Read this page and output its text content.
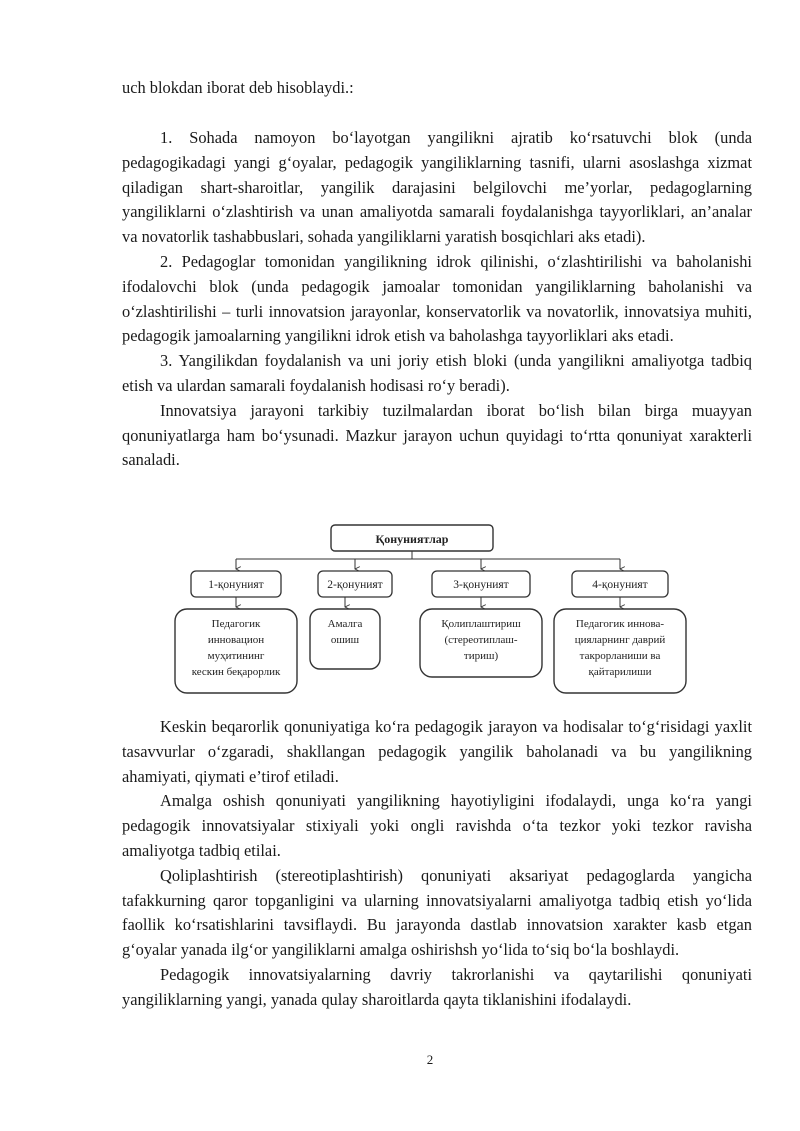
uch blokdan iborat deb hisoblaydi.:

1. Sohada namoyon boʻlayotgan yangilikni ajratib koʻrsatuvchi blok (unda pedagogikadagi yangi gʻoyalar, pedagogik yangiliklarning tasnifi, ularni asoslashga xizmat qiladigan shart-sharoitlar, yangilik darajasini belgilovchi me’yorlar, pedagoglarning yangiliklarni oʻzlashtirish va unan amaliyotda samarali foydalanishga tayyorliklari, an’analar va novatorlik tashabbuslari, sohada yangiliklarni yaratish bosqichlari aks etadi).

2. Pedagoglar tomonidan yangilikning idrok qilinishi, oʻzlashtirilishi va baholanishi ifodalovchi blok (unda pedagogik jamoalar tomonidan yangiliklarning baholanishi va oʻzlashtirilishi – turli innovatsion jarayonlar, konservatorlik va novatorlik, innovatsiya muhiti, pedagogik jamoalarning yangilikni idrok etish va baholashga tayyorliklari aks etadi.

3. Yangilikdan foydalanish va uni joriy etish bloki (unda yangilikni amaliyotga tadbiq etish va ulardan samarali foydalanish hodisasi roʻy beradi).

Innovatsiya jarayoni tarkibiy tuzilmalardan iborat boʻlish bilan birga muayyan qonuniyatlarga ham boʻysunadi. Mazkur jarayon uchun quyidagi toʻrtta qonuniyat xarakterli sanaladi.

Қонуниятлар
1-қонуният	2-қонуният	3-қонуният	4-қонуният
Педагогик
инновацион
муҳитининг
кескин беқарорлик
Амалга
ошиш
Қолиплаштириш
(стереотиплаш-
тириш)
Педагогик иннова-
цияларнинг даврий
такрорланиши ва
қайтарилиши

Keskin beqarorlik qonuniyatiga koʻra pedagogik jarayon va hodisalar toʻgʻrisidagi yaxlit tasavvurlar oʻzgaradi, shakllangan pedagogik yangilik baholanadi va bu yangilikning ahamiyati, qiymati e’tirof etiladi.

Amalga oshish qonuniyati yangilikning hayotiyligini ifodalaydi, unga koʻra yangi pedagogik innovatsiyalar stixiyali yoki ongli ravishda oʻta tezkor yoki tezkor ravisha amaliyotga tadbiq etilai.

Qoliplashtirish (stereotiplashtirish) qonuniyati aksariyat pedagoglarda yangicha tafakkurning qaror topganligini va ularning innovatsiyalarni amaliyotga tadbiq etish yoʻlida faollik koʻrsatishlarini tavsiflaydi. Bu jarayonda dastlab innovatsion xarakter kasb etgan gʻoyalar yanada ilgʻor yangiliklarni amalga oshirishsh yoʻlida toʻsiq boʻla boshlaydi.

Pedagogik innovatsiyalarning davriy takrorlanishi va qaytarilishi qonuniyati yangiliklarning yangi, yanada qulay sharoitlarda qayta tiklanishini ifodalaydi.

2
